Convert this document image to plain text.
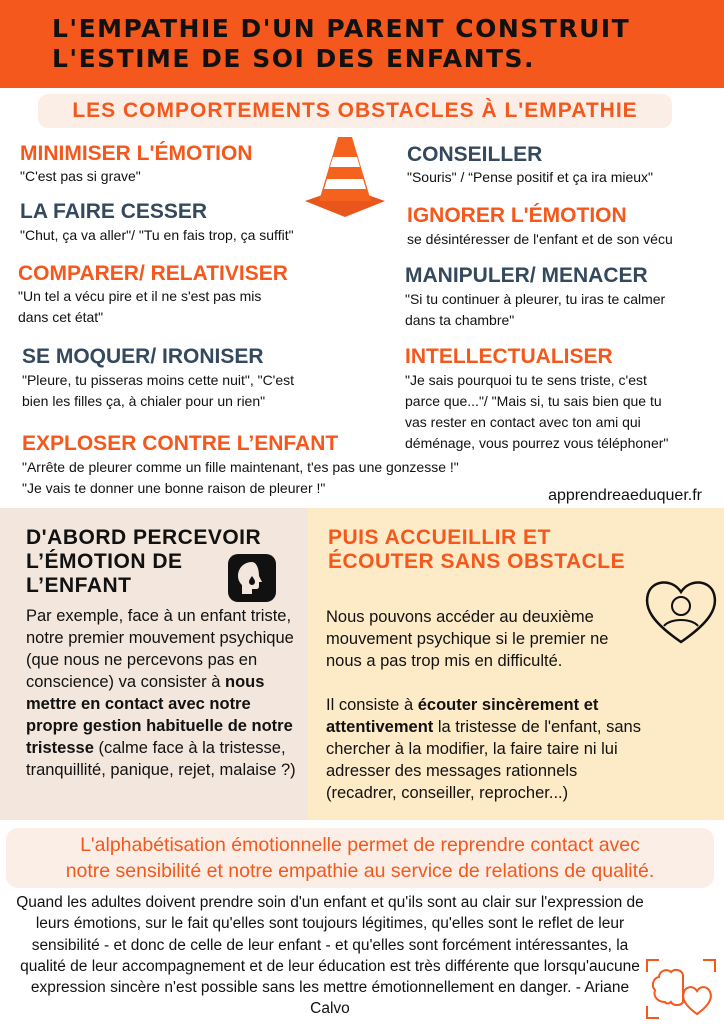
L'EMPATHIE D'UN PARENT CONSTRUIT
L'ESTIME DE SOI DES ENFANTS.
LES COMPORTEMENTS OBSTACLES À L'EMPATHIE
MINIMISER L'ÉMOTION
"C'est pas si grave"
LA FAIRE CESSER
"Chut, ça va aller"/ "Tu en fais trop, ça suffit"
COMPARER/ RELATIVISER
"Un tel a vécu pire et il ne s'est pas mis
dans cet état"
SE MOQUER/ IRONISER
"Pleure, tu pisseras moins cette nuit", "C'est
bien les filles ça, à chialer pour un rien"
EXPLOSER CONTRE L’ENFANT
"Arrête de pleurer comme un fille maintenant, t'es pas une gonzesse !"
"Je vais te donner une bonne raison de pleurer !"
CONSEILLER
"Souris" / “Pense positif et ça ira mieux"
IGNORER L'ÉMOTION
se désintéresser de l'enfant et de son vécu
MANIPULER/ MENACER
"Si tu continuer à pleurer, tu iras te calmer
dans ta chambre"
INTELLECTUALISER
"Je sais pourquoi tu te sens triste, c'est
parce que..."/ "Mais si, tu sais bien que tu
vas rester en contact avec ton ami qui
déménage, vous pourrez vous téléphoner"
apprendreaeduquer.fr
D'ABORD PERCEVOIR
L’ÉMOTION DE
L’ENFANT
Par exemple, face à un enfant triste, notre premier mouvement psychique (que nous ne percevons pas en conscience) va consister à nous mettre en contact avec notre propre gestion habituelle de notre tristesse (calme face à la tristesse, tranquillité, panique, rejet, malaise ?)
PUIS ACCUEILLIR ET
ÉCOUTER SANS OBSTACLE
Nous pouvons accéder au deuxième mouvement psychique si le premier ne nous a pas trop mis en difficulté.
Il consiste à écouter sincèrement et attentivement la tristesse de l'enfant, sans chercher à la modifier, la faire taire ni lui adresser des messages rationnels (recadrer, conseiller, reprocher...)
L'alphabétisation émotionnelle permet de reprendre contact avec
notre sensibilité et notre empathie au service de relations de qualité.
Quand les adultes doivent prendre soin d'un enfant et qu'ils sont au clair sur l'expression de leurs émotions, sur le fait qu'elles sont toujours légitimes, qu'elles sont le reflet de leur sensibilité - et donc de celle de leur enfant - et qu'elles sont forcément intéressantes, la qualité de leur accompagnement et de leur éducation est très différente que lorsqu'aucune expression sincère n'est possible sans les mettre émotionnellement en danger. - Ariane Calvo
